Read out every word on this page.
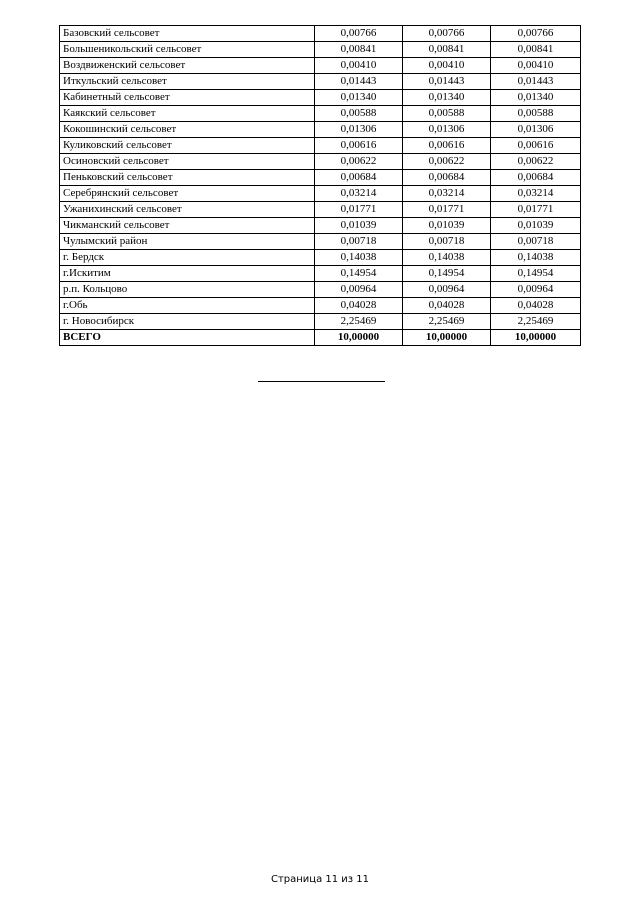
Базовский сельсовет	0,00766	0,00766	0,00766
Большеникольский сельсовет	0,00841	0,00841	0,00841
Воздвиженский сельсовет	0,00410	0,00410	0,00410
Иткульский сельсовет	0,01443	0,01443	0,01443
Кабинетный сельсовет	0,01340	0,01340	0,01340
Каякский сельсовет	0,00588	0,00588	0,00588
Кокошинский сельсовет	0,01306	0,01306	0,01306
Куликовский сельсовет	0,00616	0,00616	0,00616
Осиновский сельсовет	0,00622	0,00622	0,00622
Пеньковский сельсовет	0,00684	0,00684	0,00684
Серебрянский сельсовет	0,03214	0,03214	0,03214
Ужанихинский сельсовет	0,01771	0,01771	0,01771
Чикманский сельсовет	0,01039	0,01039	0,01039
Чулымский район	0,00718	0,00718	0,00718
г. Бердск	0,14038	0,14038	0,14038
г.Искитим	0,14954	0,14954	0,14954
р.п. Кольцово	0,00964	0,00964	0,00964
г.Обь	0,04028	0,04028	0,04028
г. Новосибирск	2,25469	2,25469	2,25469
ВСЕГО	10,00000	10,00000	10,00000
Страница 11 из 11
